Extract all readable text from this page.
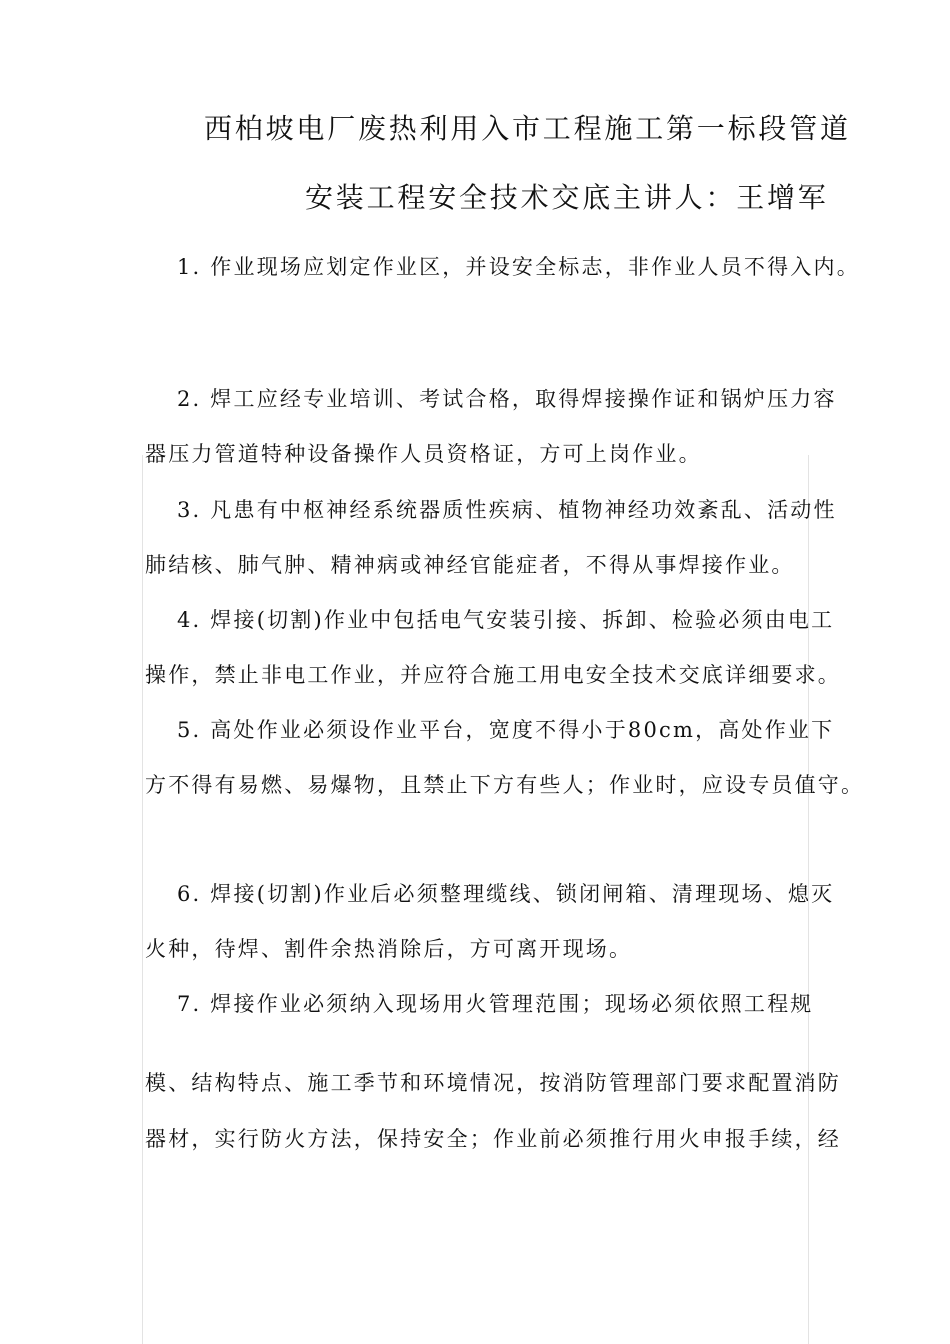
西柏坡电厂废热利用入市工程施工第一标段管道
安装工程安全技术交底主讲人：王增军
1. 作业现场应划定作业区，并设安全标志，非作业人员不得入内。
2. 焊工应经专业培训、考试合格，取得焊接操作证和锅炉压力容
器压力管道特种设备操作人员资格证，方可上岗作业。
3. 凡患有中枢神经系统器质性疾病、植物神经功效紊乱、活动性
肺结核、肺气肿、精神病或神经官能症者，不得从事焊接作业。
4. 焊接(切割)作业中包括电气安装引接、拆卸、检验必须由电工
操作，禁止非电工作业，并应符合施工用电安全技术交底详细要求。
5. 高处作业必须设作业平台，宽度不得小于80cm，高处作业下
方不得有易燃、易爆物，且禁止下方有些人；作业时，应设专员值守。
6. 焊接(切割)作业后必须整理缆线、锁闭闸箱、清理现场、熄灭
火种，待焊、割件余热消除后，方可离开现场。
7. 焊接作业必须纳入现场用火管理范围；现场必须依照工程规
模、结构特点、施工季节和环境情况，按消防管理部门要求配置消防
器材，实行防火方法，保持安全；作业前必须推行用火申报手续，经
